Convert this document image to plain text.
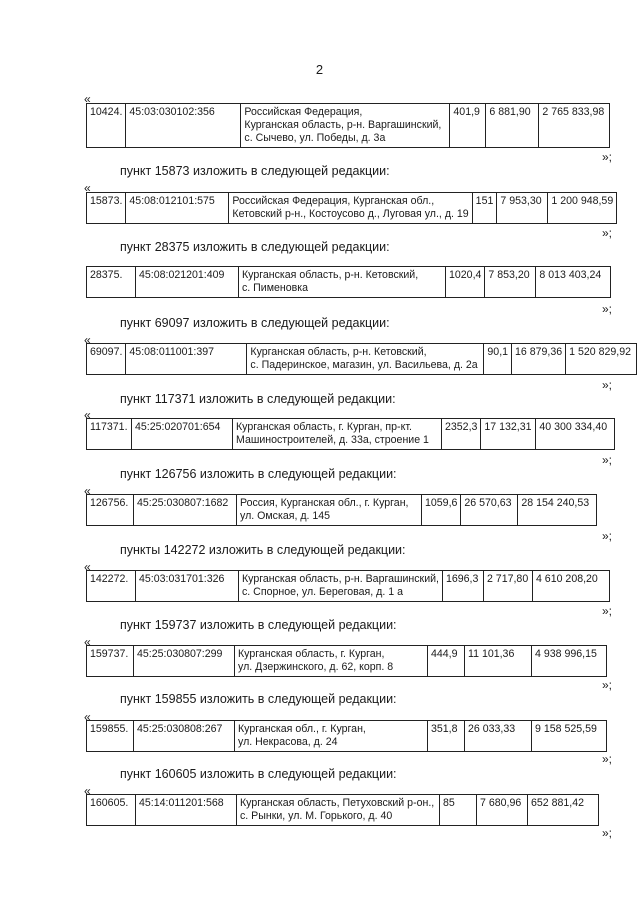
2
«
10424.	45:03:030102:356	Российская Федерация,
Курганская область, р-н. Варгашинский,
с. Сычево, ул. Победы, д. 3а
	401,9	6 881,90	2 765 833,98
»;
пункт 15873 изложить в следующей редакции:
«
15873.	45:08:012101:575	Российская Федерация, Курганская обл.,
Кетовский р-н., Костоусово д., Луговая ул., д. 19
	151	7 953,30	1 200 948,59
»;
пункт 28375 изложить в следующей редакции:
28375.	45:08:021201:409	Курганская область, р-н. Кетовский,
с. Пименовка
	1020,4	7 853,20	8 013 403,24
»;
пункт 69097 изложить в следующей редакции:
«
69097.	45:08:011001:397	Курганская область, р-н. Кетовский,
с. Падеринское, магазин, ул. Васильева, д. 2а
	90,1	16 879,36	1 520 829,92
»;
пункт 117371 изложить в следующей редакции:
«
117371.	45:25:020701:654	Курганская область, г. Курган, пр-кт.
Машиностроителей, д. 33а, строение 1
	2352,3	17 132,31	40 300 334,40
»;
пункт 126756 изложить в следующей редакции:
«
126756.	45:25:030807:1682	Россия, Курганская обл., г. Курган,
ул. Омская, д. 145
	1059,6	26 570,63	28 154 240,53
»;
пункты 142272 изложить в следующей редакции:
«
142272.	45:03:031701:326	Курганская область, р-н. Варгашинский,
с. Спорное, ул. Береговая, д. 1 а
	1696,3	2 717,80	4 610 208,20
»;
пункт 159737 изложить в следующей редакции:
«
159737.	45:25:030807:299	Курганская область, г. Курган,
ул. Дзержинского, д. 62, корп. 8
	444,9	11 101,36	4 938 996,15
»;
пункт 159855 изложить в следующей редакции:
«
159855.	45:25:030808:267	Курганская обл., г. Курган,
ул. Некрасова, д. 24
	351,8	26 033,33	9 158 525,59
»;
пункт 160605 изложить в следующей редакции:
«
160605.	45:14:011201:568	Курганская область, Петуховский р-он.,
с. Рынки, ул. М. Горького, д. 40
	85	7 680,96	652 881,42
»;
